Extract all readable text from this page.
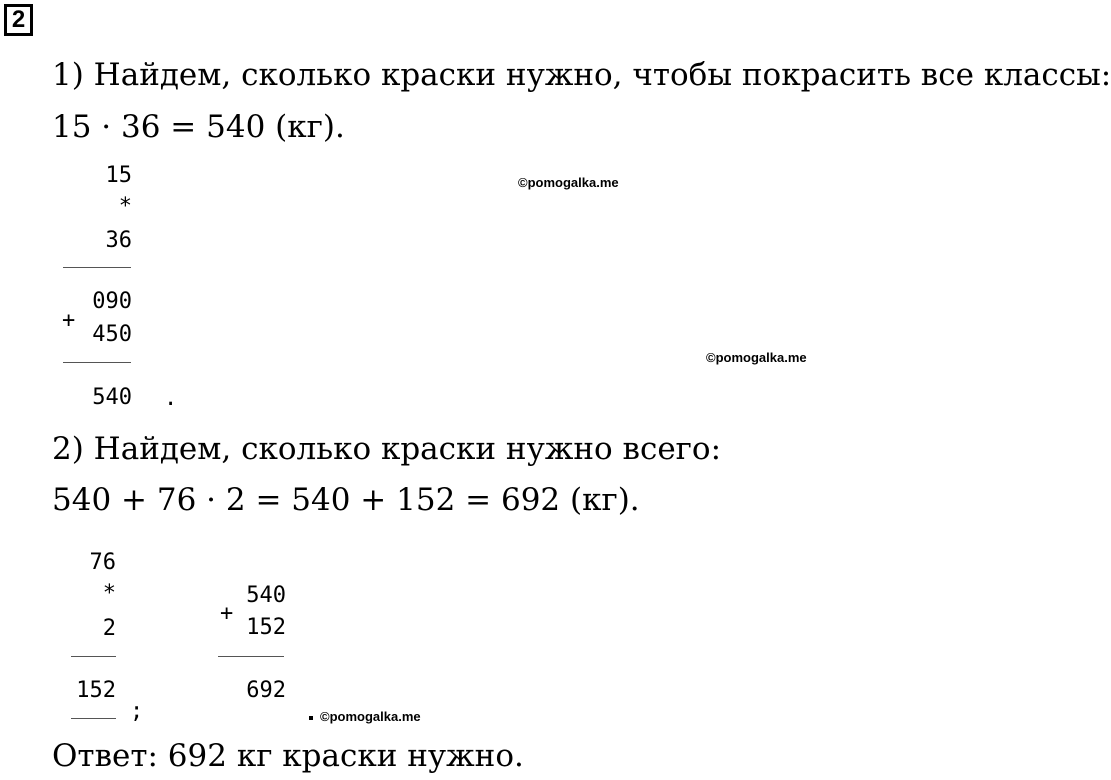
2
1) Найдем, сколько краски нужно, чтобы покрасить все классы:
15 · 36 = 540 (кг).
15
*
36
090
+
450
540 .
©pomogalka.me
©pomogalka.me
2) Найдем, сколько краски нужно всего:
540 + 76 · 2 = 540 + 152 = 692 (кг).
76
*
2
152
;
+
540
152
692
©pomogalka.me
Ответ: 692 кг краски нужно.
